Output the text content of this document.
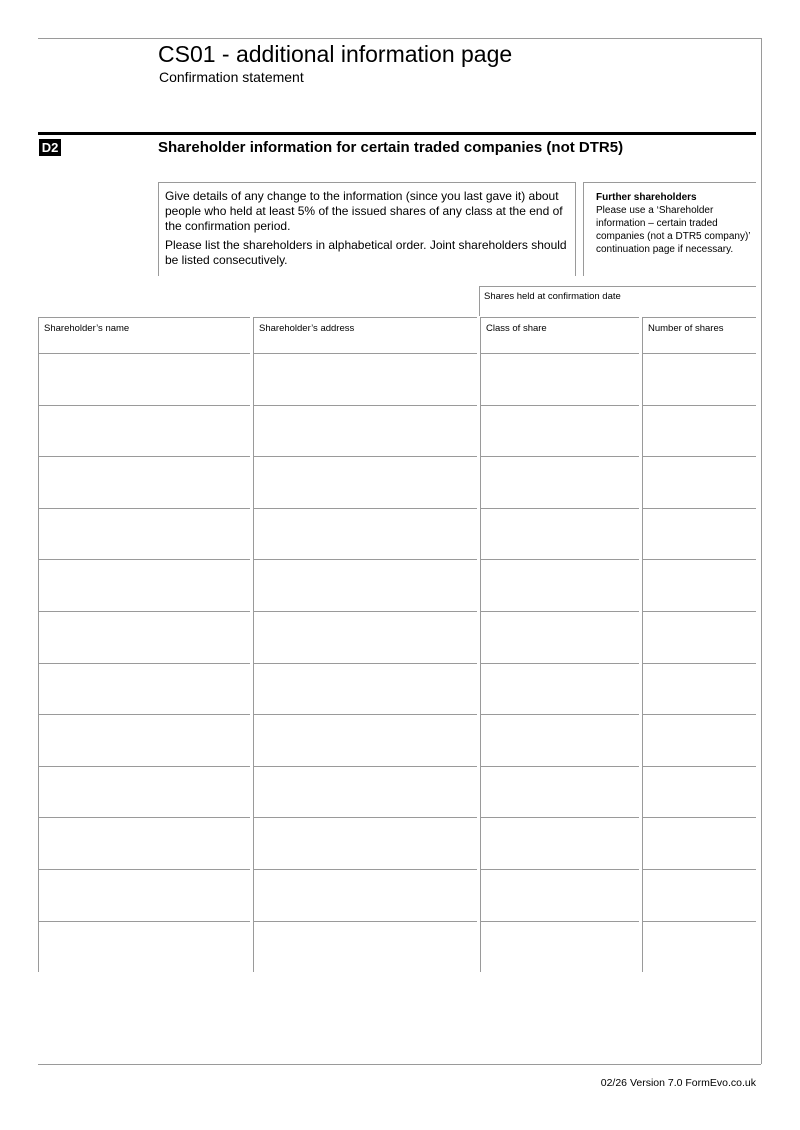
CS01 - additional information page
Confirmation statement
D2	Shareholder information for certain traded companies (not DTR5)

Give details of any change to the information (since you last gave it) about people who held at least 5% of the issued shares of any class at the end of the confirmation period.

Please list the shareholders in alphabetical order. Joint shareholders should be listed consecutively.

Further shareholders
Please use a ‘Shareholder information – certain traded companies (not a DTR5 company)’ continuation page if necessary.
Shares held at confirmation date
Shareholder’s name	Shareholder’s address	Class of share	Number of shares
02/26 Version 7.0 FormEvo.co.uk
